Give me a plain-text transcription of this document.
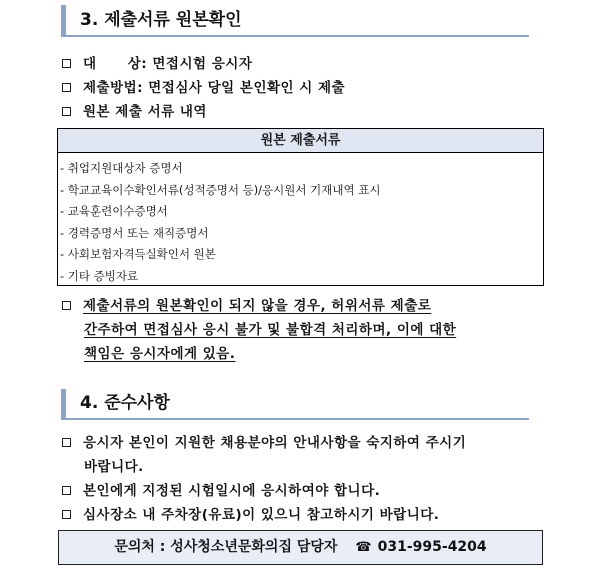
3. 제출서류 원본확인
대      상: 면접시험 응시자
제출방법: 면접심사 당일 본인확인 시 제출
원본 제출 서류 내역
원본 제출서류
- 취업지원대상자 증명서
- 학교교육이수확인서류(성적증명서 등)/응시원서 기재내역 표시
- 교육훈련이수증명서
- 경력증명서 또는 재직증명서
- 사회보험자격득실확인서 원본
- 기타 증빙자료
제출서류의 원본확인이 되지 않을 경우, 허위서류 제출로
간주하여 면접심사 응시 불가 및 불합격 처리하며, 이에 대한
책임은 응시자에게 있음.
4. 준수사항
응시자 본인이 지원한 채용분야의 안내사항을 숙지하여 주시기
바랍니다.
본인에게 지정된 시험일시에 응시하여야 합니다.
심사장소 내 주차장(유료)이 있으니 참고하시기 바랍니다.
문의처 : 성사청소년문화의집 담당자 ☎ 031-995-4204
